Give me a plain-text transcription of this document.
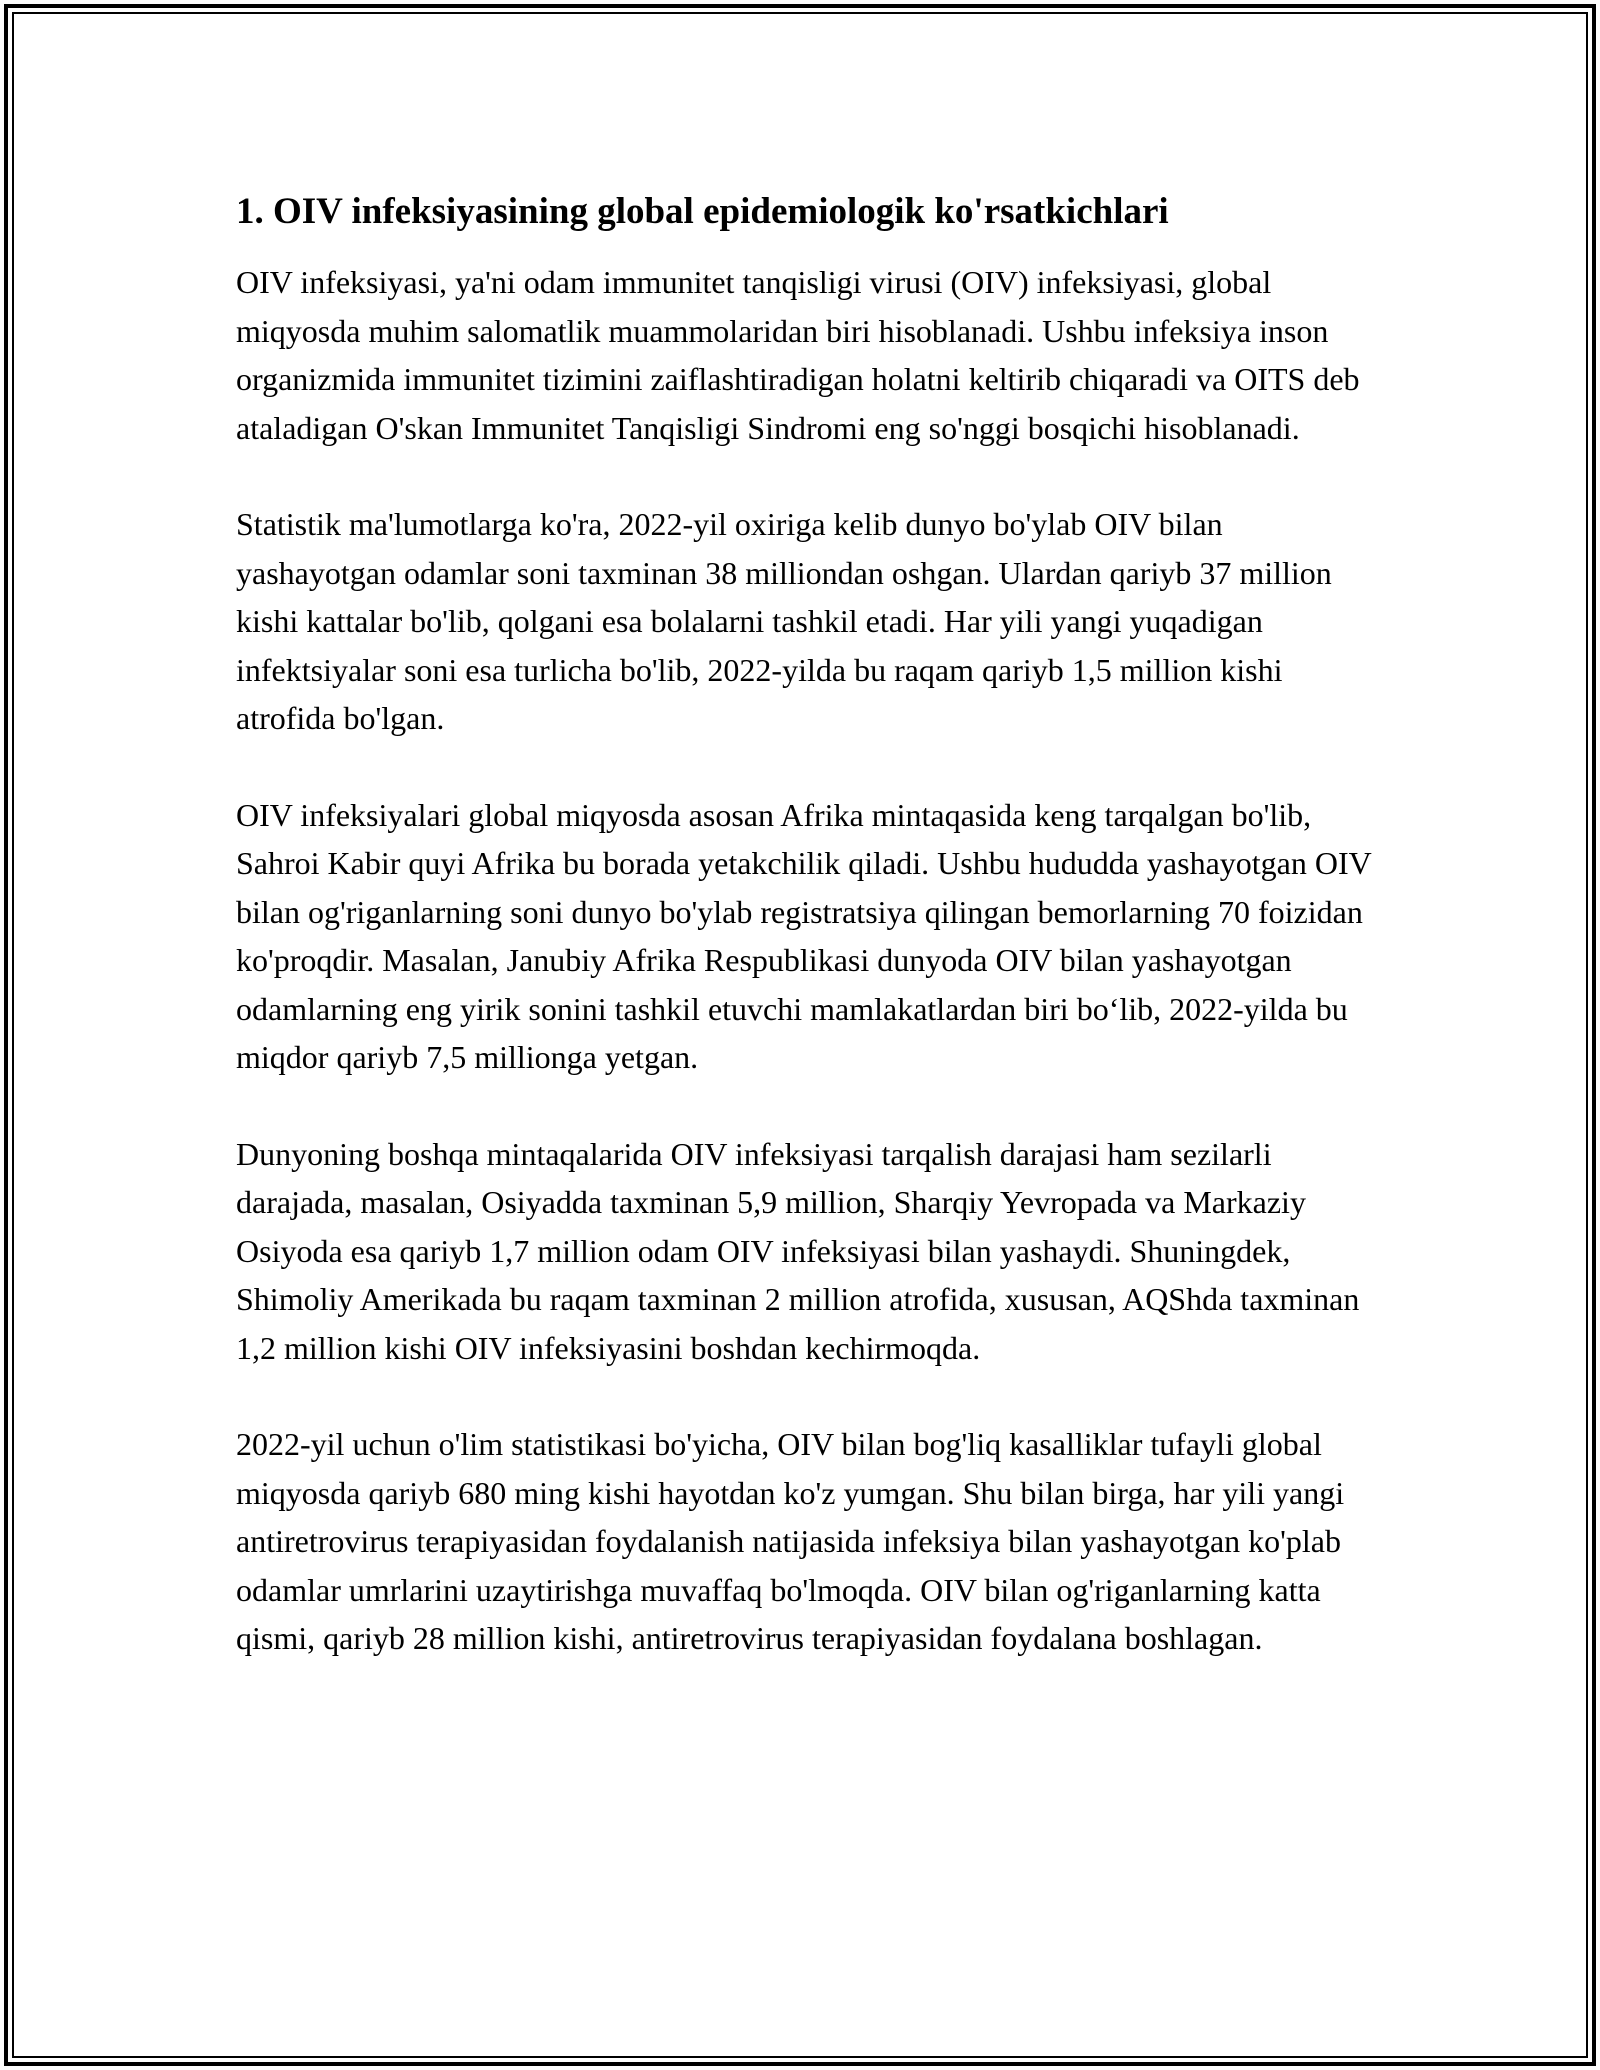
1. OIV infeksiyasining global epidemiologik ko'rsatkichlari

OIV infeksiyasi, ya'ni odam immunitet tanqisligi virusi (OIV) infeksiyasi, global miqyosda muhim salomatlik muammolaridan biri hisoblanadi. Ushbu infeksiya inson organizmida immunitet tizimini zaiflashtiradigan holatni keltirib chiqaradi va OITS deb ataladigan O'skan Immunitet Tanqisligi Sindromi eng so'nggi bosqichi hisoblanadi.

Statistik ma'lumotlarga ko'ra, 2022-yil oxiriga kelib dunyo bo'ylab OIV bilan yashayotgan odamlar soni taxminan 38 milliondan oshgan. Ulardan qariyb 37 million kishi kattalar bo'lib, qolgani esa bolalarni tashkil etadi. Har yili yangi yuqadigan infektsiyalar soni esa turlicha bo'lib, 2022-yilda bu raqam qariyb 1,5 million kishi atrofida bo'lgan.

OIV infeksiyalari global miqyosda asosan Afrika mintaqasida keng tarqalgan bo'lib, Sahroi Kabir quyi Afrika bu borada yetakchilik qiladi. Ushbu hududda yashayotgan OIV bilan og'riganlarning soni dunyo bo'ylab registratsiya qilingan bemorlarning 70 foizidan ko'proqdir. Masalan, Janubiy Afrika Respublikasi dunyoda OIV bilan yashayotgan odamlarning eng yirik sonini tashkil etuvchi mamlakatlardan biri bo‘lib, 2022-yilda bu miqdor qariyb 7,5 millionga yetgan.

Dunyoning boshqa mintaqalarida OIV infeksiyasi tarqalish darajasi ham sezilarli darajada, masalan, Osiyadda taxminan 5,9 million, Sharqiy Yevropada va Markaziy Osiyoda esa qariyb 1,7 million odam OIV infeksiyasi bilan yashaydi. Shuningdek, Shimoliy Amerikada bu raqam taxminan 2 million atrofida, xususan, AQShda taxminan 1,2 million kishi OIV infeksiyasini boshdan kechirmoqda.

2022-yil uchun o'lim statistikasi bo'yicha, OIV bilan bog'liq kasalliklar tufayli global miqyosda qariyb 680 ming kishi hayotdan ko'z yumgan. Shu bilan birga, har yili yangi antiretrovirus terapiyasidan foydalanish natijasida infeksiya bilan yashayotgan ko'plab odamlar umrlarini uzaytirishga muvaffaq bo'lmoqda. OIV bilan og'riganlarning katta qismi, qariyb 28 million kishi, antiretrovirus terapiyasidan foydalana boshlagan.
